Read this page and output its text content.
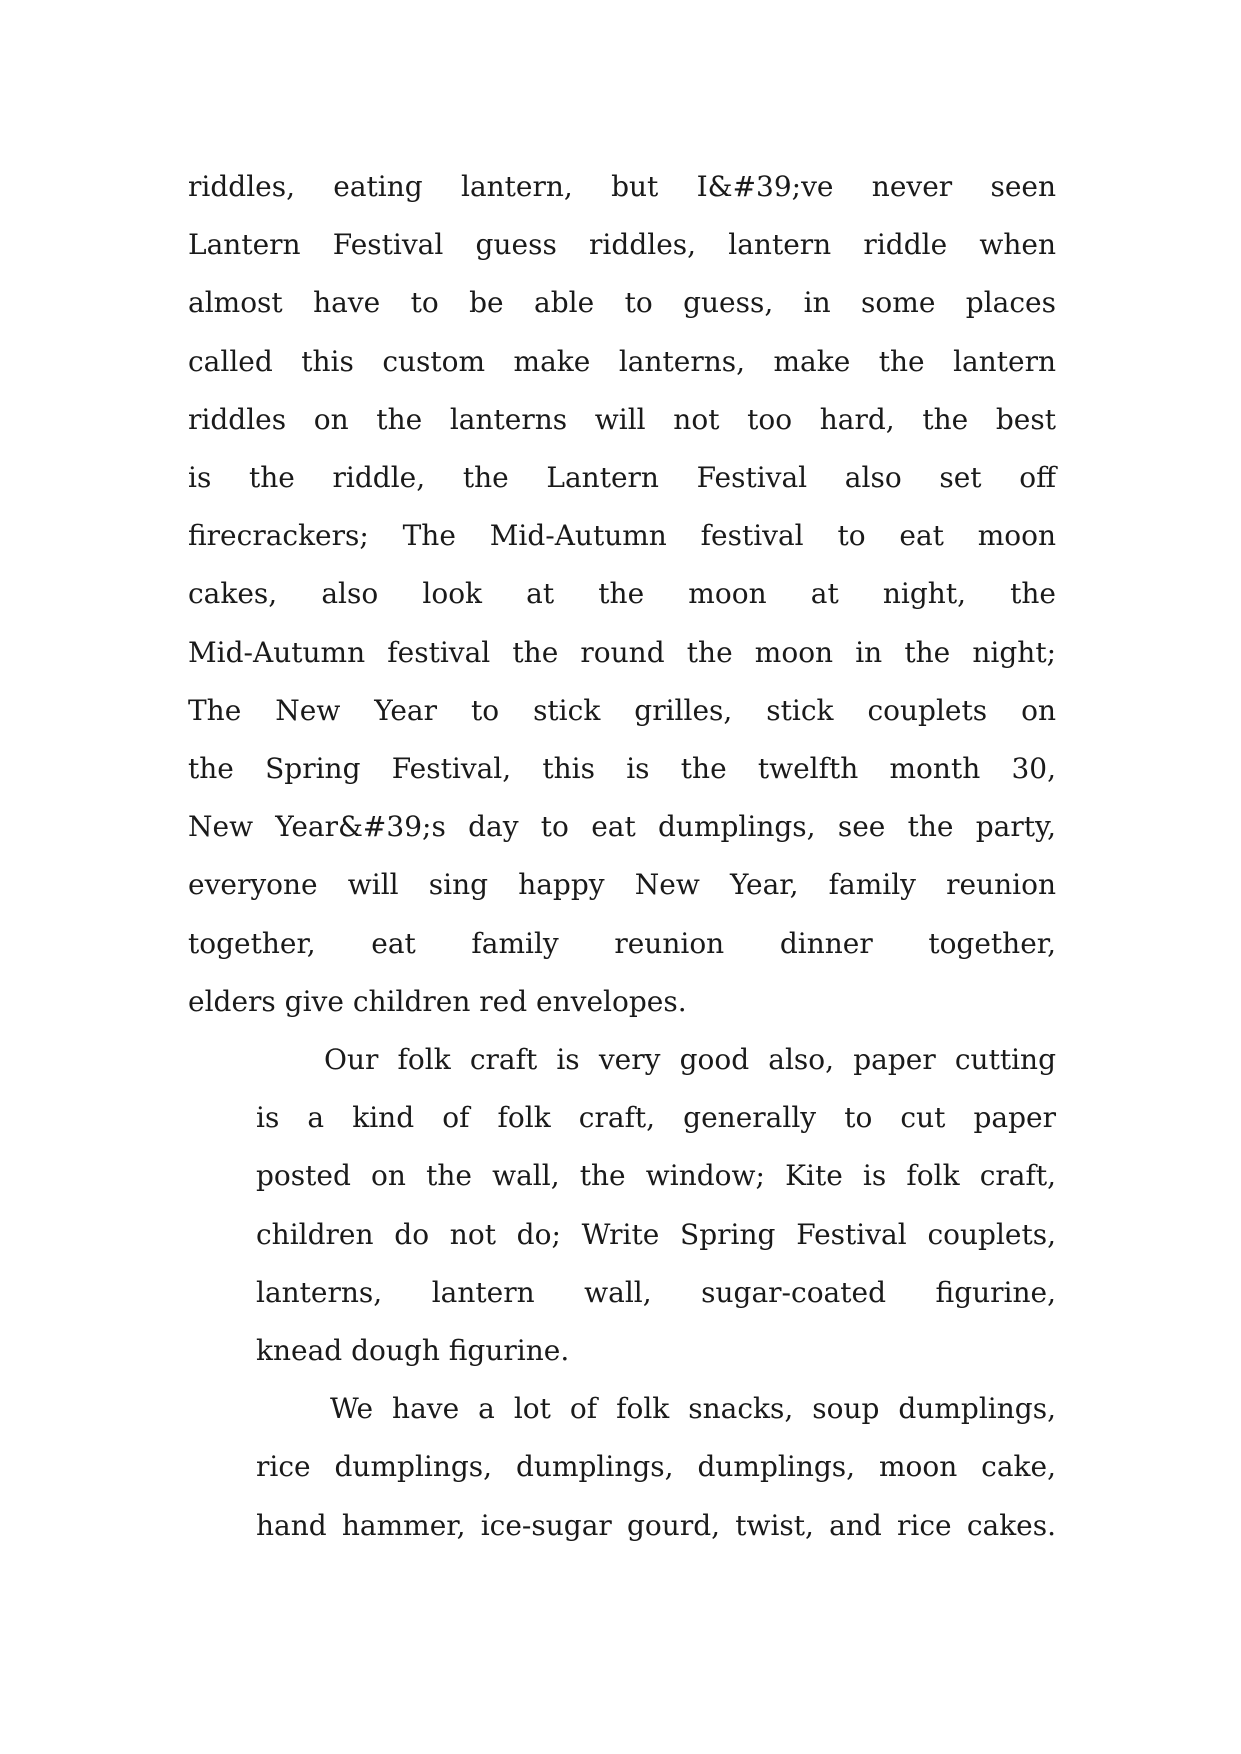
riddles, eating lantern, but I&#39;ve never seen
Lantern Festival guess riddles, lantern riddle when
almost have to be able to guess, in some places
called this custom make lanterns, make the lantern
riddles on the lanterns will not too hard, the best
is the riddle, the Lantern Festival also set off
firecrackers; The Mid-Autumn festival to eat moon
cakes, also look at the moon at night, the
Mid-Autumn festival the round the moon in the night;
The New Year to stick grilles, stick couplets on
the Spring Festival, this is the twelfth month 30,
New Year&#39;s day to eat dumplings, see the party,
everyone will sing happy New Year, family reunion
together, eat family reunion dinner together,
elders give children red envelopes.
Our folk craft is very good also, paper cutting
is a kind of folk craft, generally to cut paper
posted on the wall, the window; Kite is folk craft,
children do not do; Write Spring Festival couplets,
lanterns, lantern wall, sugar-coated figurine,
knead dough figurine.
We have a lot of folk snacks, soup dumplings,
rice dumplings, dumplings, dumplings, moon cake,
hand hammer, ice-sugar gourd, twist, and rice cakes.
